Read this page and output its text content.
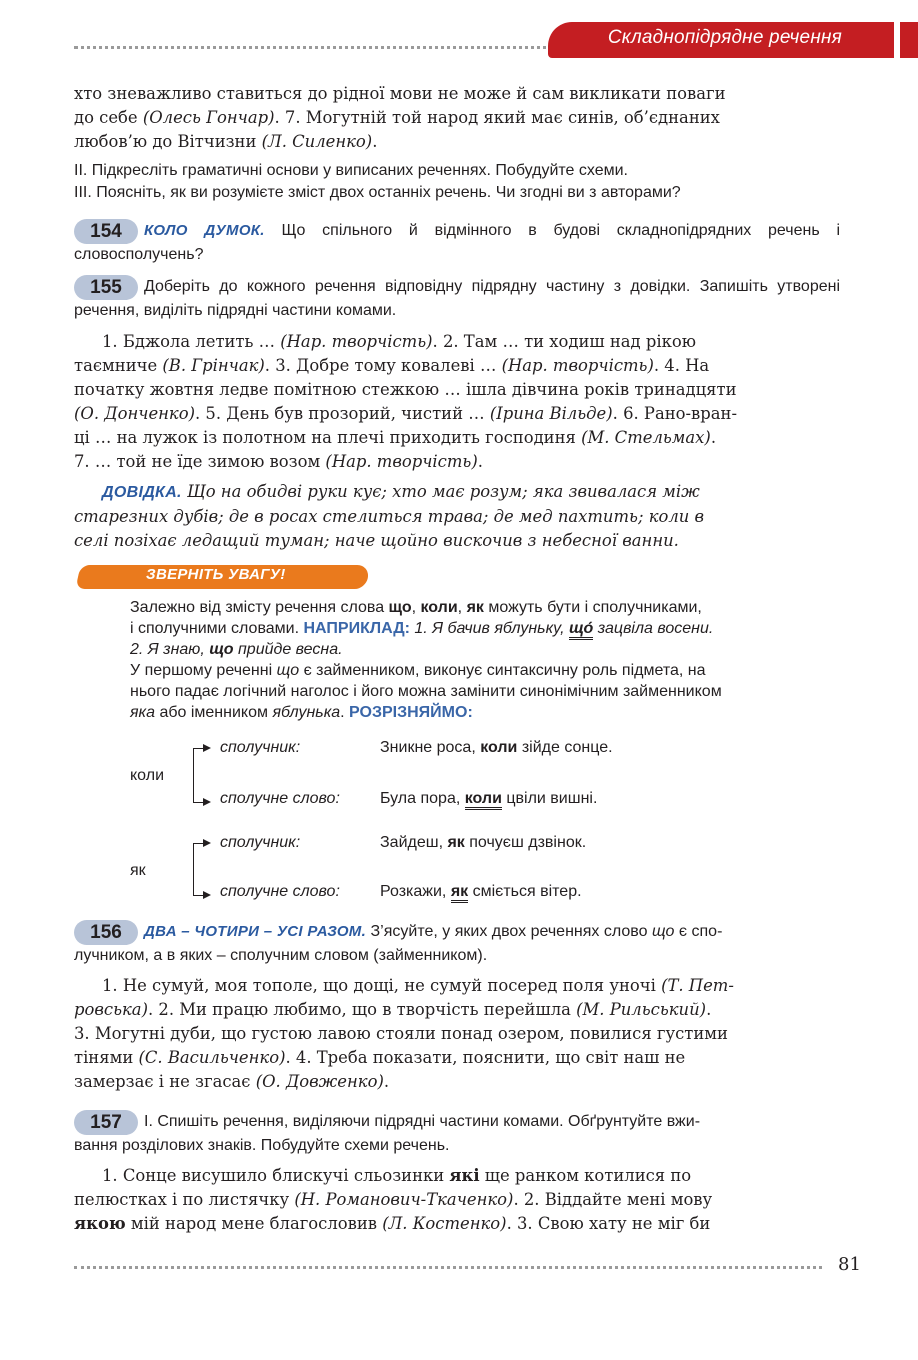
Складнопідрядне речення

хто зневажливо ставиться до рідної мови не може й сам викликати поваги

до себе (Олесь Гончар). 7. Могутній той народ який має синів, об’єднаних

любов’ю до Вітчизни (Л. Силенко).

II. Підкресліть граматичні основи у виписаних реченнях. Побудуйте схеми.

III. Поясніть, як ви розумієте зміст двох останніх речень. Чи згодні ви з авторами?

154 КОЛО ДУМОК. Що спільного й відмінного в будові складнопідрядних речень і словосполучень?

155 Доберіть до кожного речення відповідну підрядну частину з довідки. Запишіть утворені речення, виділіть підрядні частини комами.

1. Бджола летить … (Нар. творчість). 2. Там … ти ходиш над рікою

таємниче (В. Грінчак). 3. Добре тому ковалеві … (Нар. творчість). 4. На

початку жовтня ледве помітною стежкою … ішла дівчина років тринадцяти

(О. Донченко). 5. День був прозорий, чистий … (Ірина Вільде). 6. Рано-вран-

ці … на лужок із полотном на плечі приходить господиня (М. Стельмах).

7. … той не їде зимою возом (Нар. творчість).

ДОВІДКА. Що на обидві руки кує; хто має розум; яка звивалася між

старезних дубів; де в росах стелиться трава; де мед пахтить; коли в

селі позіхає ледащий туман; наче щойно вискочив з небесної ванни.

ЗВЕРНІТЬ УВАГУ!

Залежно від змісту речення слова що, коли, як можуть бути і сполучниками,

і сполучними словами. НАПРИКЛАД: 1. Я бачив яблуньку, що́ зацвіла восени.

2. Я знаю, що прийде весна.

У першому реченні що є займенником, виконує синтаксичну роль підмета, на

нього падає логічний наголос і його можна замінити синонімічним займенником

яка або іменником яблунька. РОЗРІЗНЯЙМО:

коли
сполучник:	Зникне роса, коли зійде сонце.
сполучне слово:	Була пора, коли цвіли вишні.
як
сполучник:	Зайдеш, як почуєш дзвінок.
сполучне слово:	Розкажи, як сміється вітер.

156 ДВА – ЧОТИРИ – УСІ РАЗОМ. З’ясуйте, у яких двох реченнях слово що є спо-

лучником, а в яких – сполучним словом (займенником).

1. Не сумуй, моя тополе, що дощі, не сумуй посеред поля уночі (Т. Пет-

ровська). 2. Ми працю любимо, що в творчість перейшла (М. Рильський).

3. Могутні дуби, що густою лавою стояли понад озером, повилися густими

тінями (С. Васильченко). 4. Треба показати, пояснити, що світ наш не

замерзає і не згасає (О. Довженко).

157 I. Спишіть речення, виділяючи підрядні частини комами. Обґрунтуйте вжи-

вання розділових знаків. Побудуйте схеми речень.

1. Сонце висушило блискучі сльозинки які ще ранком котилися по

пелюстках і по листячку (Н. Романович-Ткаченко). 2. Віддайте мені мову

якою мій народ мене благословив (Л. Костенко). 3. Свою хату не міг би

81
